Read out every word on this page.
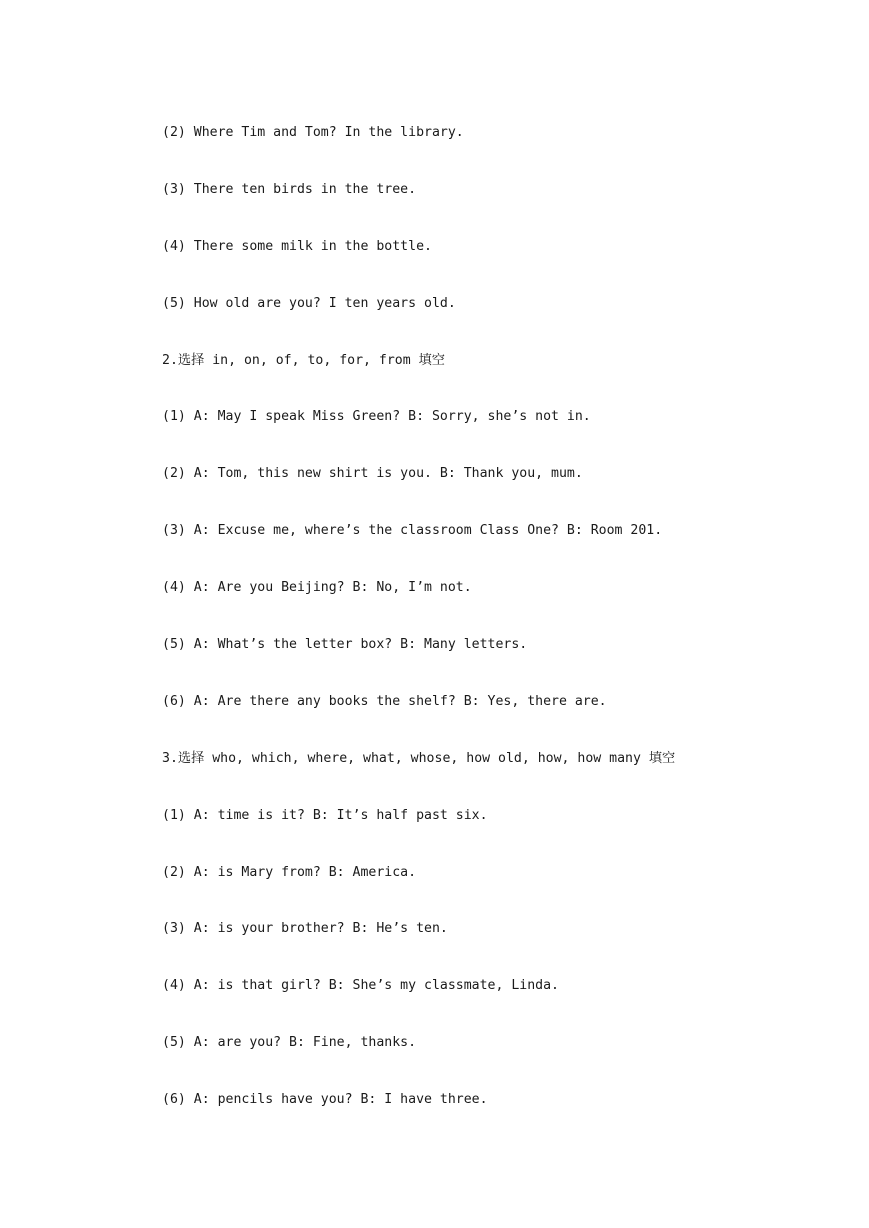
(2) Where Tim and Tom? In the library.
(3) There ten birds in the tree.
(4) There some milk in the bottle.
(5) How old are you? I ten years old.
2.选择 in, on, of, to, for, from 填空
(1) A: May I speak Miss Green? B: Sorry, she’s not in.
(2) A: Tom, this new shirt is you. B: Thank you, mum.
(3) A: Excuse me, where’s the classroom Class One? B: Room 201.
(4) A: Are you Beijing? B: No, I’m not.
(5) A: What’s the letter box? B: Many letters.
(6) A: Are there any books the shelf? B: Yes, there are.
3.选择 who, which, where, what, whose, how old, how, how many 填空
(1) A: time is it? B: It’s half past six.
(2) A: is Mary from? B: America.
(3) A: is your brother? B: He’s ten.
(4) A: is that girl? B: She’s my classmate, Linda.
(5) A: are you? B: Fine, thanks.
(6) A: pencils have you? B: I have three.
